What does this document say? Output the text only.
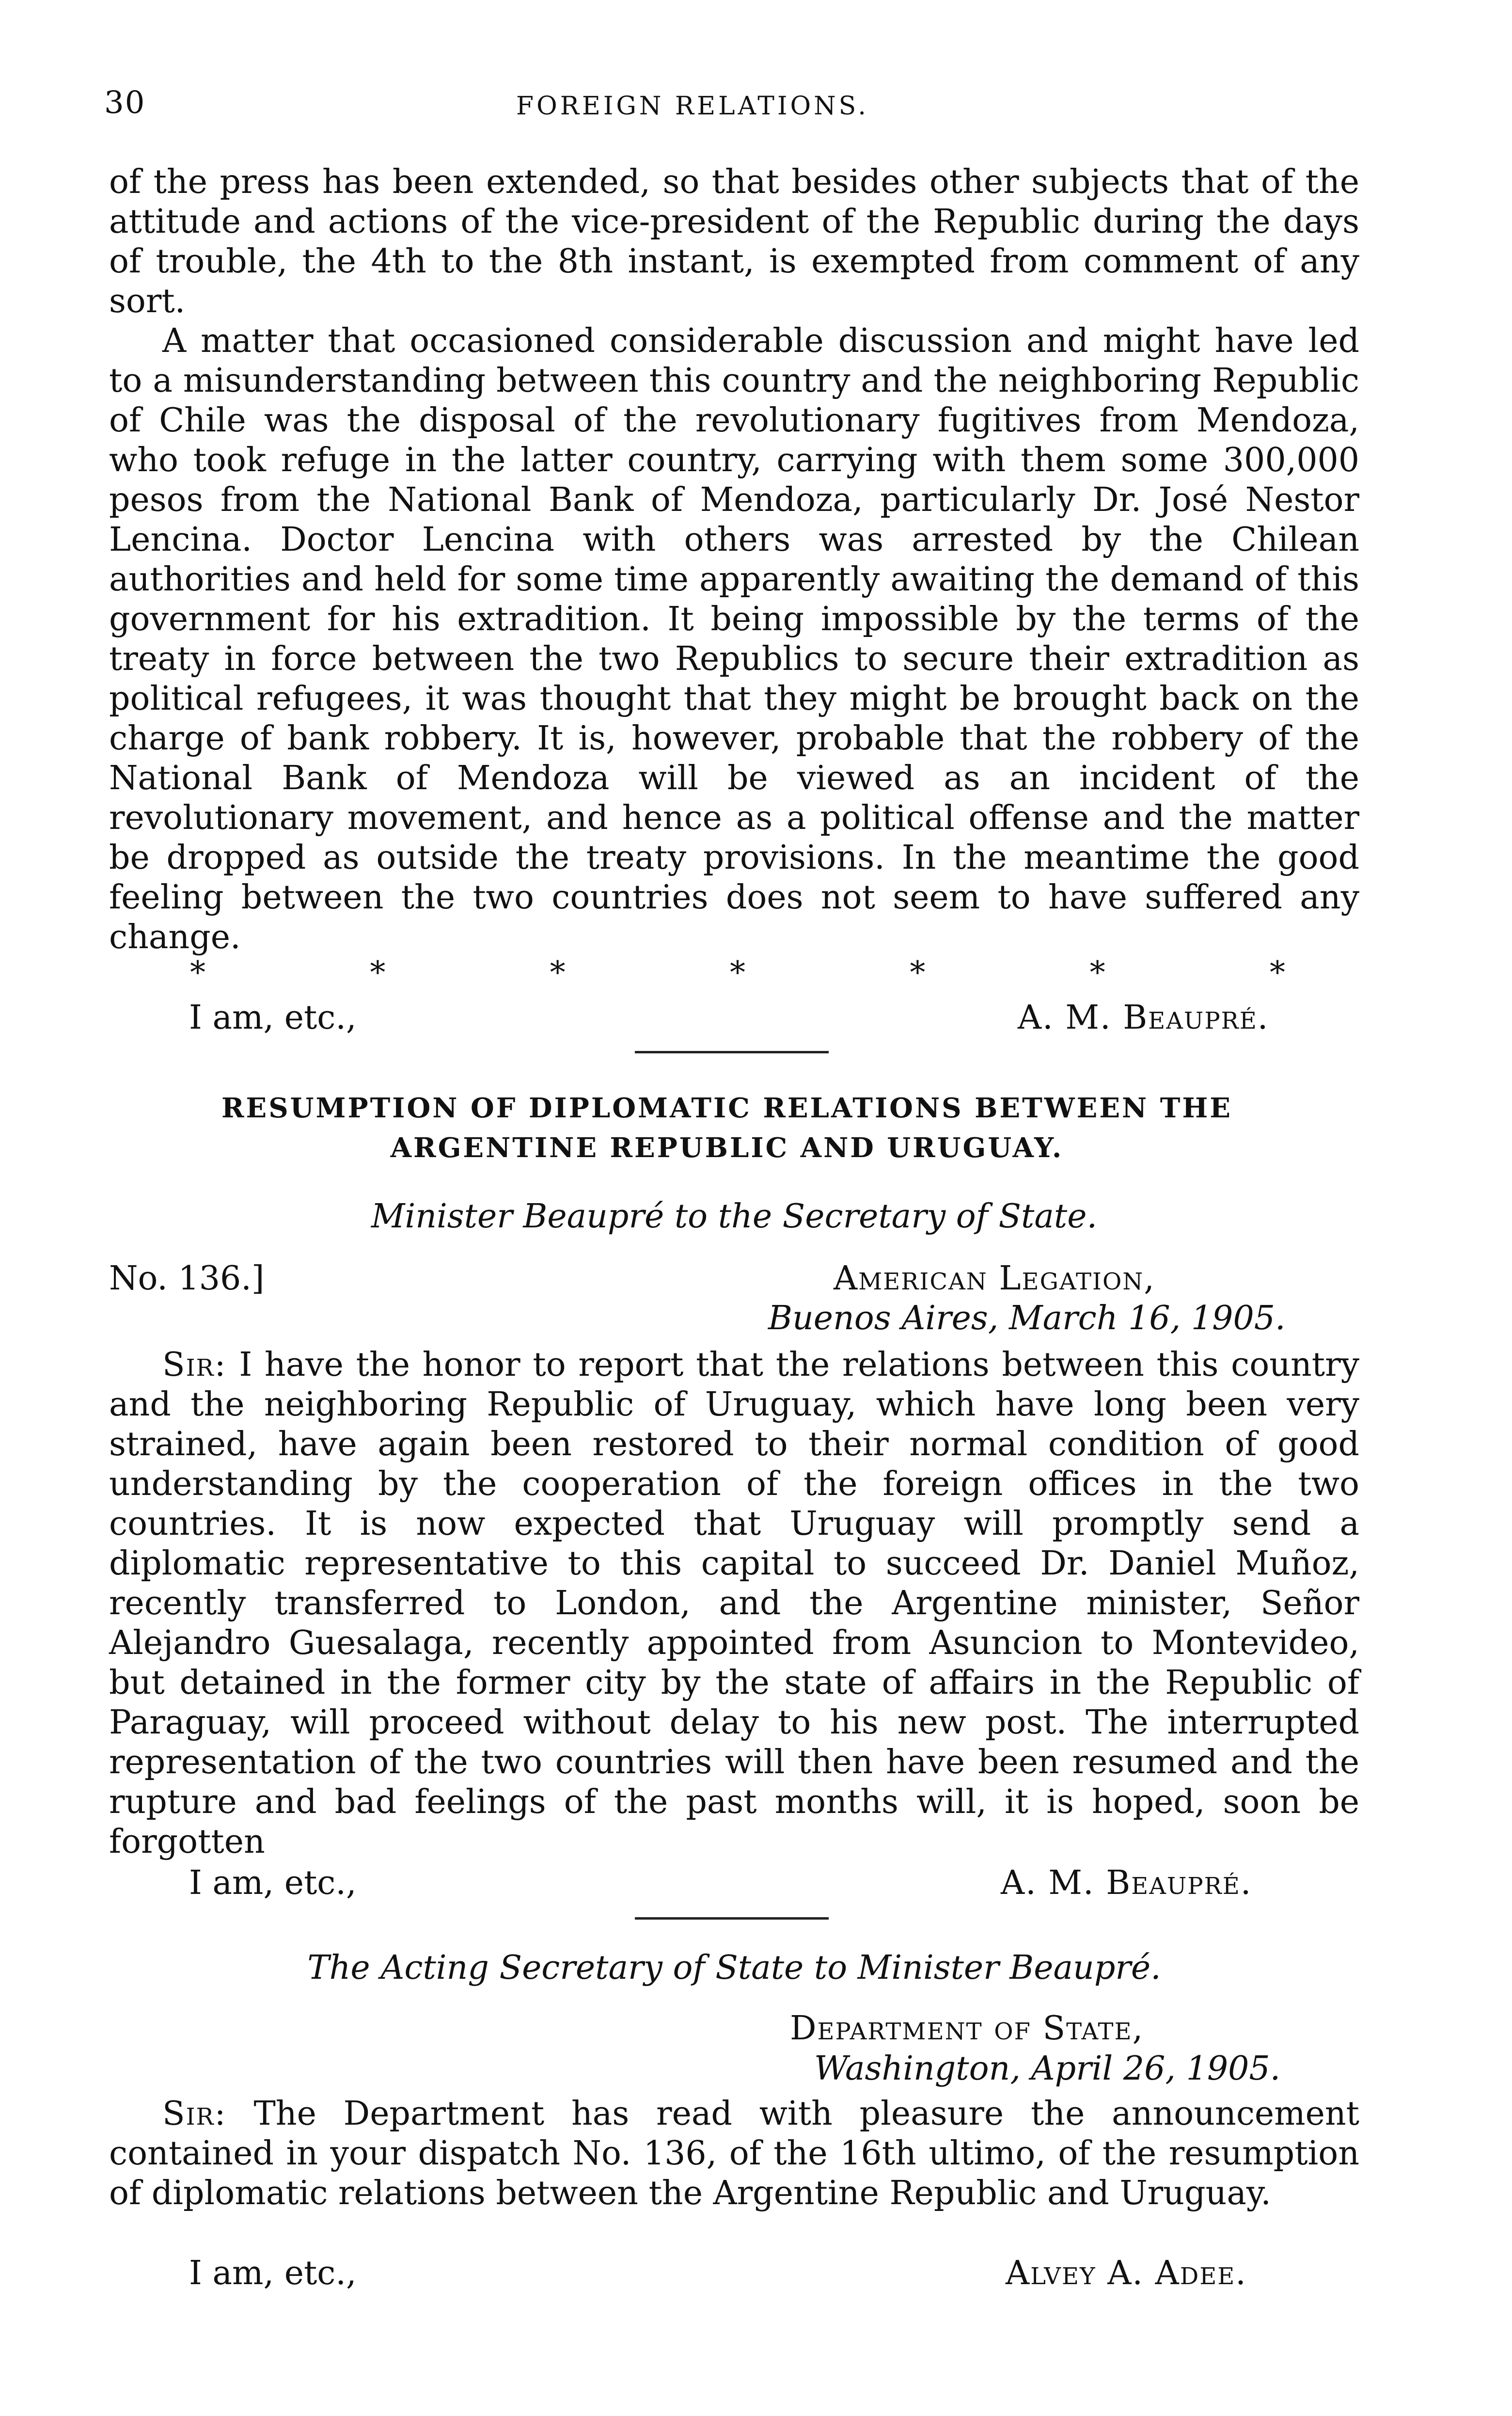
30	FOREIGN RELATIONS.

of the press has been extended, so that besides other subjects that of the attitude and actions of the vice-president of the Republic during the days of trouble, the 4th to the 8th instant, is exempted from comment of any sort.

A matter that occasioned considerable discussion and might have led to a misunderstanding between this country and the neighboring Republic of Chile was the disposal of the revolutionary fugitives from Mendoza, who took refuge in the latter country, carrying with them some 300,000 pesos from the National Bank of Mendoza, particularly Dr. José Nestor Lencina. Doctor Lencina with others was arrested by the Chilean authorities and held for some time apparently awaiting the demand of this government for his extradition. It being impossible by the terms of the treaty in force between the two Republics to secure their extradition as political refugees, it was thought that they might be brought back on the charge of bank robbery. It is, however, probable that the robbery of the National Bank of Mendoza will be viewed as an incident of the revolutionary movement, and hence as a political offense and the matter be dropped as outside the treaty provisions. In the meantime the good feeling between the two countries does not seem to have suffered any change.

*	*	*	*	*	*	*
I am, etc.,	A. M. Beaupré.
RESUMPTION OF DIPLOMATIC RELATIONS BETWEEN THE
ARGENTINE REPUBLIC AND URUGUAY.
Minister Beaupré to the Secretary of State.
No. 136.]	American Legation,
Buenos Aires, March 16, 1905.
Sir: I have the honor to report that the relations between this country and the neighboring Republic of Uruguay, which have long been very strained, have again been restored to their normal condition of good understanding by the cooperation of the foreign offices in the two countries. It is now expected that Uruguay will promptly send a diplomatic representative to this capital to succeed Dr. Daniel Muñoz, recently transferred to London, and the Argentine minister, Señor Alejandro Guesalaga, recently appointed from Asuncion to Montevideo, but detained in the former city by the state of affairs in the Republic of Paraguay, will proceed without delay to his new post. The interrupted representation of the two countries will then have been resumed and the rupture and bad feelings of the past months will, it is hoped, soon be forgotten
I am, etc.,	A. M. Beaupré.
The Acting Secretary of State to Minister Beaupré.
Department of State,
Washington, April 26, 1905.
Sir: The Department has read with pleasure the announcement contained in your dispatch No. 136, of the 16th ultimo, of the resumption of diplomatic relations between the Argentine Republic and Uruguay.
I am, etc.,	Alvey A. Adee.
